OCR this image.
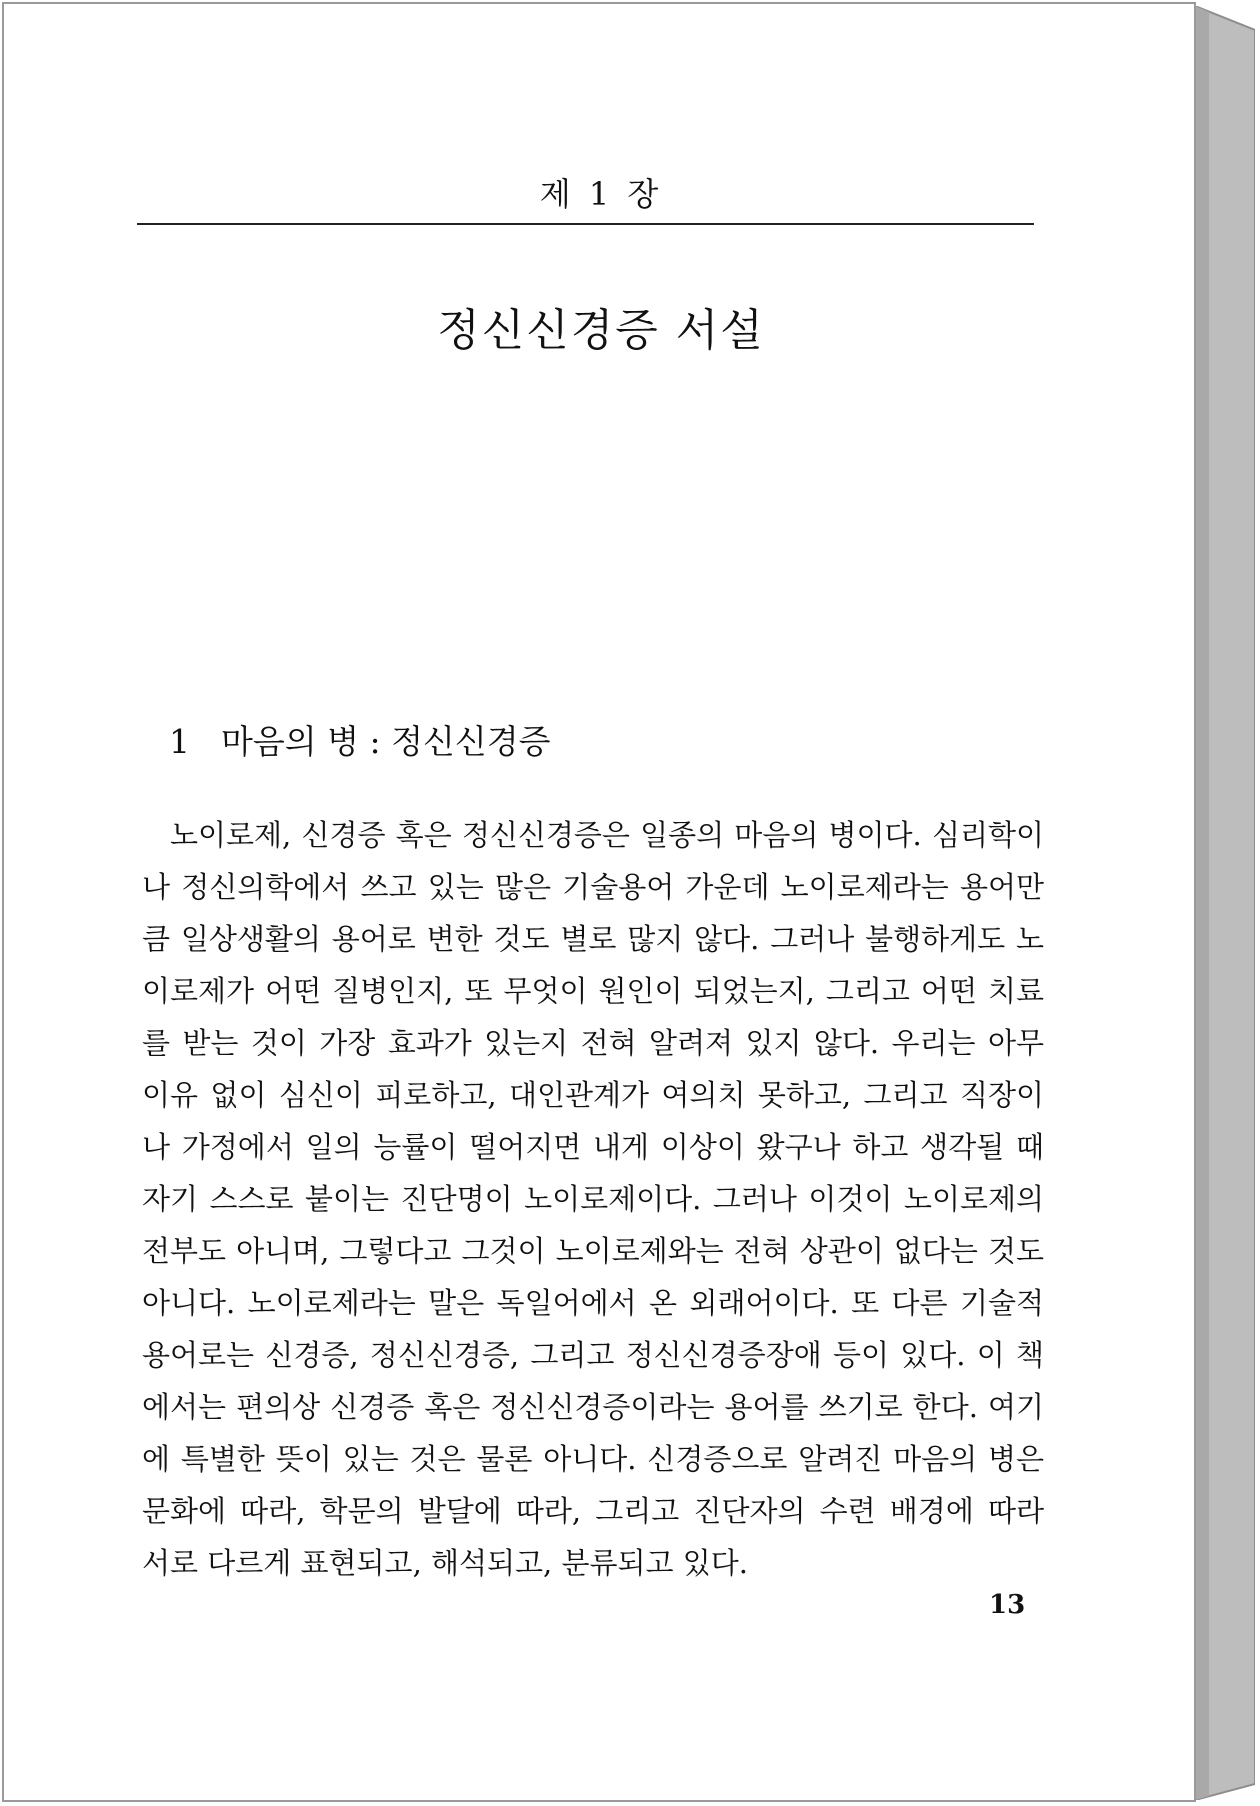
제 1 장
정신신경증 서설
1 마음의 병 : 정신신경증
노이로제, 신경증 혹은 정신신경증은 일종의 마음의 병이다. 심리학이
나 정신의학에서 쓰고 있는 많은 기술용어 가운데 노이로제라는 용어만
큼 일상생활의 용어로 변한 것도 별로 많지 않다. 그러나 불행하게도 노
이로제가 어떤 질병인지, 또 무엇이 원인이 되었는지, 그리고 어떤 치료
를 받는 것이 가장 효과가 있는지 전혀 알려져 있지 않다. 우리는 아무
이유 없이 심신이 피로하고, 대인관계가 여의치 못하고, 그리고 직장이
나 가정에서 일의 능률이 떨어지면 내게 이상이 왔구나 하고 생각될 때
자기 스스로 붙이는 진단명이 노이로제이다. 그러나 이것이 노이로제의
전부도 아니며, 그렇다고 그것이 노이로제와는 전혀 상관이 없다는 것도
아니다. 노이로제라는 말은 독일어에서 온 외래어이다. 또 다른 기술적
용어로는 신경증, 정신신경증, 그리고 정신신경증장애 등이 있다. 이 책
에서는 편의상 신경증 혹은 정신신경증이라는 용어를 쓰기로 한다. 여기
에 특별한 뜻이 있는 것은 물론 아니다. 신경증으로 알려진 마음의 병은
문화에 따라, 학문의 발달에 따라, 그리고 진단자의 수련 배경에 따라
서로 다르게 표현되고, 해석되고, 분류되고 있다.
13
